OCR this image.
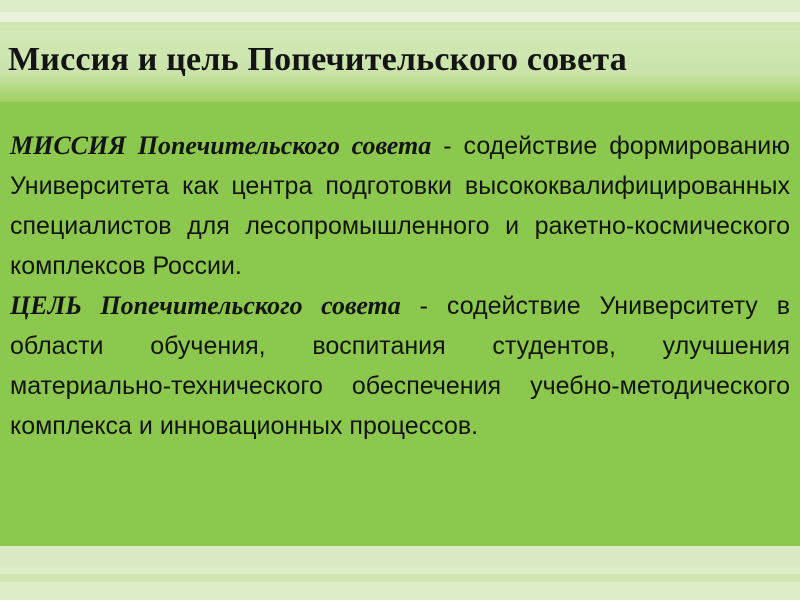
Миссия и цель Попечительского совета

МИССИЯ Попечительского совета - содействие формированию Университета как центра подготовки высококвалифицированных специалистов для лесопромышленного и ракетно-космического комплексов России.

ЦЕЛЬ Попечительского совета - содействие Университету в области обучения, воспитания студентов, улучшения материально-технического обеспечения учебно-методического комплекса и инновационных процессов.
